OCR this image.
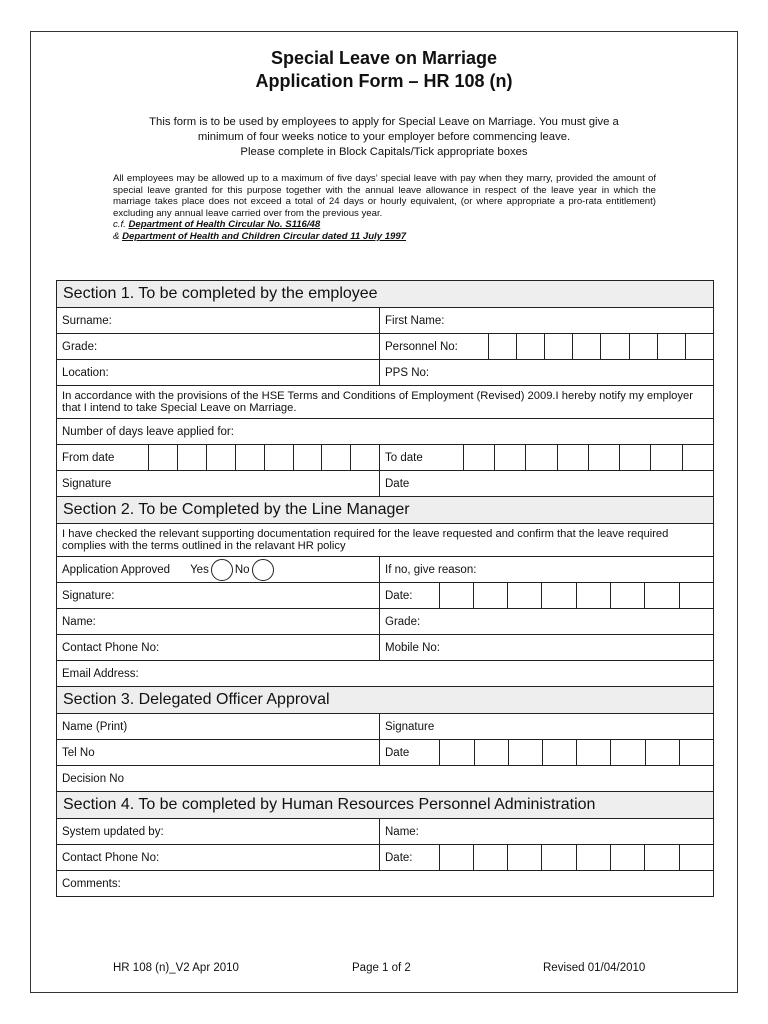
Special Leave on Marriage
Application Form – HR 108 (n)
This form is to be used by employees to apply for Special Leave on Marriage. You must give a
minimum of four weeks notice to your employer before commencing leave.
Please complete in Block Capitals/Tick appropriate boxes
All employees may be allowed up to a maximum of five days’ special leave with pay when they marry, provided the amount of special leave granted for this purpose together with the annual leave allowance in respect of the leave year in which the marriage takes place does not exceed a total of 24 days or hourly equivalent, (or where appropriate a pro-rata entitlement) excluding any annual leave carried over from the previous year.
c.f. Department of Health Circular No. S116/48
& Department of Health and Children Circular dated 11 July 1997
Section 1. To be completed by the employee	
Surname:	First Name:
Grade:	Personnel No:

Location:	PPS No:
In accordance with the provisions of the HSE Terms and Conditions of Employment (Revised) 2009.I hereby notify my employer that I intend to take Special Leave on Marriage.	
Number of days leave applied for:	

From date	To date

Signature	Date
Section 2. To be Completed by the Line Manager	
I have checked the relevant supporting documentation required for the leave requested and confirm that the leave required complies with the terms outlined in the relavant HR policy	

Application Approved Yes No	If no, give reason:
Signature:	Date:

Name:	Grade:
Contact Phone No:	Mobile No:
Email Address:	
Section 3. Delegated Officer Approval	
Name (Print)	Signature
Tel No	Date

Decision No	
Section 4. To be completed by Human Resources Personnel Administration	
System updated by:	Name:
Contact Phone No:	Date:

Comments:	
HR 108 (n)_V2 Apr 2010	Page 1 of 2	Revised 01/04/2010
